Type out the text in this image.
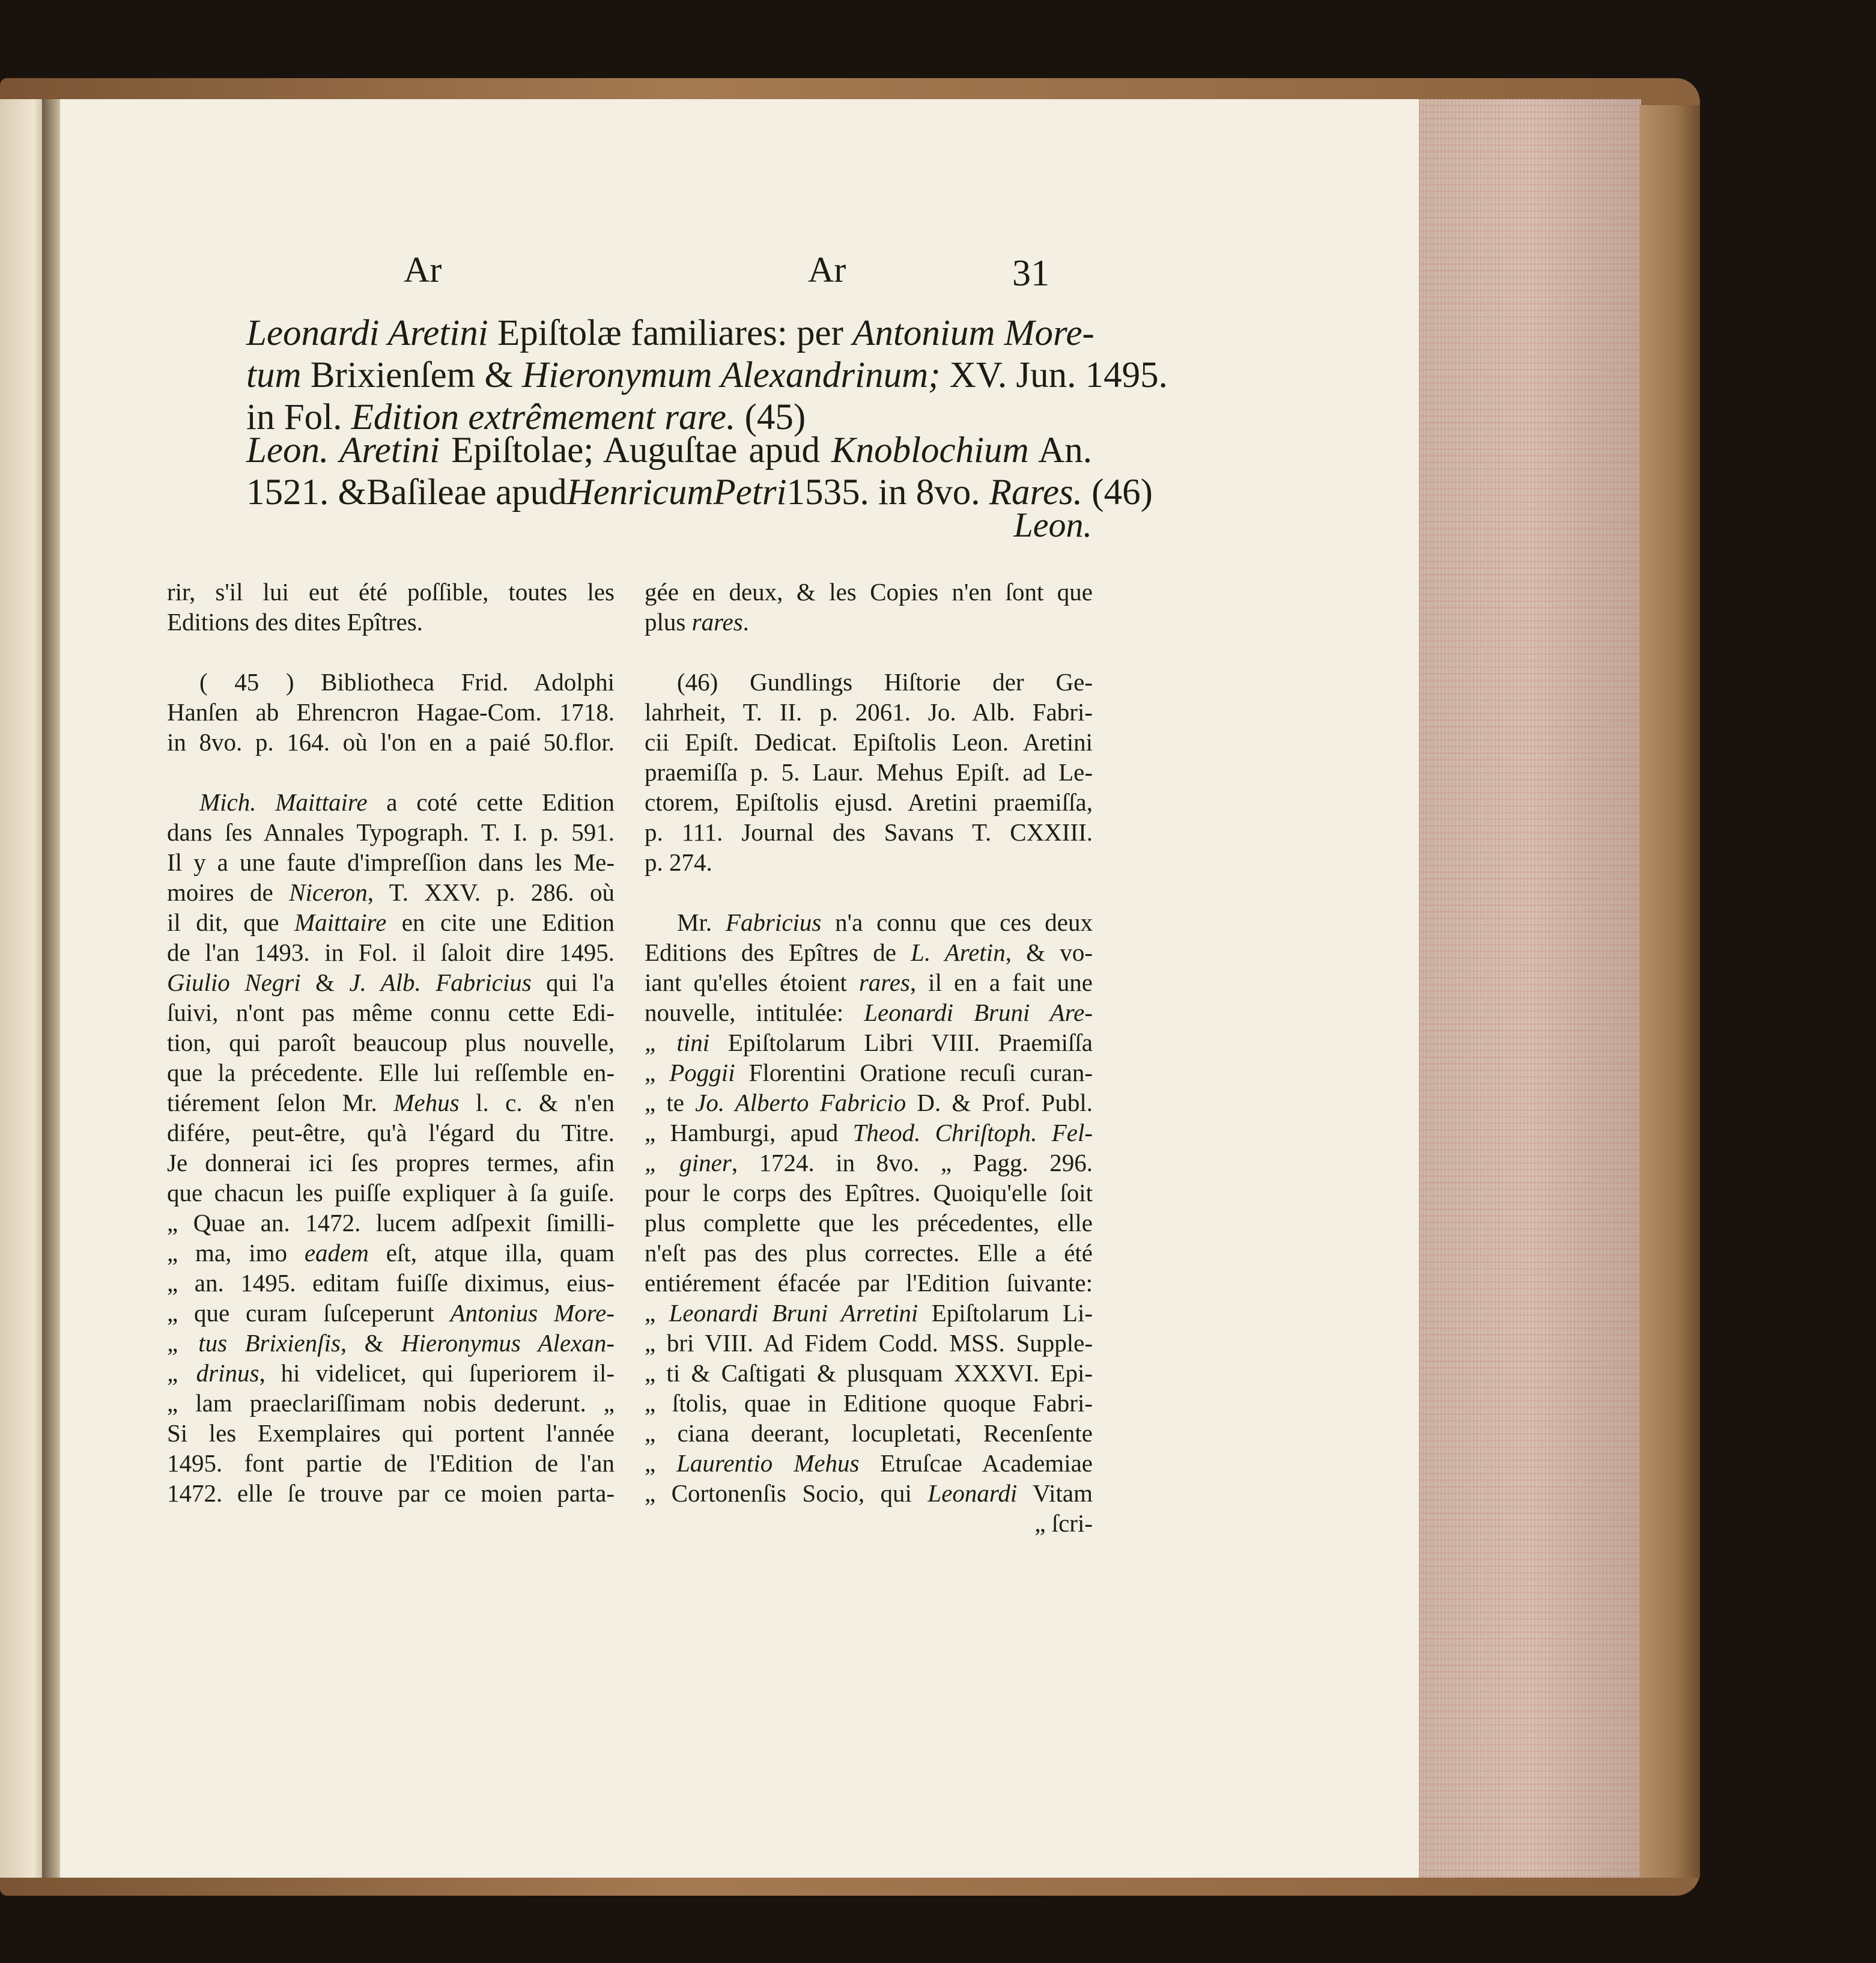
Ar	Ar	31
Leonardi Aretini Epiſtolæ familiares: per Antonium More-
tum Brixienſem & Hieronymum Alexandrinum; XV. Jun. 1495.
in Fol. Edition extrêmement rare. (45)
Leon. Aretini Epiſtolae; Auguſtae apud Knoblochium An.
1521. &Baſileae apudHenricumPetri1535. in 8vo. Rares. (46)
Leon.
rir, s'il lui eut été poſſible, toutes les
Editions des dites Epîtres.
( 45 ) Bibliotheca Frid. Adolphi
Hanſen ab Ehrencron Hagae-Com. 1718.
in 8vo. p. 164. où l'on en a paié 50.flor.
Mich. Maittaire a coté cette Edition
dans ſes Annales Typograph. T. I. p. 591.
Il y a une faute d'impreſſion dans les Me-
moires de Niceron, T. XXV. p. 286. où
il dit, que Maittaire en cite une Edition
de l'an 1493. in Fol. il ſaloit dire 1495.
Giulio Negri & J. Alb. Fabricius qui l'a
ſuivi, n'ont pas même connu cette Edi-
tion, qui paroît beaucoup plus nouvelle,
que la précedente. Elle lui reſſemble en-
tiérement ſelon Mr. Mehus l. c. & n'en
difére, peut-être, qu'à l'égard du Titre.
Je donnerai ici ſes propres termes, afin
que chacun les puiſſe expliquer à ſa guiſe.
„ Quae an. 1472. lucem adſpexit ſimilli-
„ ma, imo eadem eſt, atque illa, quam
„ an. 1495. editam fuiſſe diximus, eius-
„ que curam ſuſceperunt Antonius More-
„ tus Brixienſis, & Hieronymus Alexan-
„ drinus, hi videlicet, qui ſuperiorem il-
„ lam praeclariſſimam nobis dederunt. „
Si les Exemplaires qui portent l'année
1495. font partie de l'Edition de l'an
1472. elle ſe trouve par ce moien parta-
gée en deux, & les Copies n'en ſont que
plus rares.
(46) Gundlings Hiſtorie der Ge-
lahrheit, T. II. p. 2061. Jo. Alb. Fabri-
cii Epiſt. Dedicat. Epiſtolis Leon. Aretini
praemiſſa p. 5. Laur. Mehus Epiſt. ad Le-
ctorem, Epiſtolis ejusd. Aretini praemiſſa,
p. 111. Journal des Savans T. CXXIII.
p. 274.
Mr. Fabricius n'a connu que ces deux
Editions des Epîtres de L. Aretin, & vo-
iant qu'elles étoient rares, il en a fait une
nouvelle, intitulée: Leonardi Bruni Are-
„ tini Epiſtolarum Libri VIII. Praemiſſa
„ Poggii Florentini Oratione recuſi curan-
„ te Jo. Alberto Fabricio D. & Prof. Publ.
„ Hamburgi, apud Theod. Chriſtoph. Fel-
„ giner, 1724. in 8vo. „ Pagg. 296.
pour le corps des Epîtres. Quoiqu'elle ſoit
plus complette que les précedentes, elle
n'eſt pas des plus correctes. Elle a été
entiérement éfacée par l'Edition ſuivante:
„ Leonardi Bruni Arretini Epiſtolarum Li-
„ bri VIII. Ad Fidem Codd. MSS. Supple-
„ ti & Caſtigati & plusquam XXXVI. Epi-
„ ſtolis, quae in Editione quoque Fabri-
„ ciana deerant, locupletati, Recenſente
„ Laurentio Mehus Etruſcae Academiae
„ Cortonenſis Socio, qui Leonardi Vitam
„ ſcri-
